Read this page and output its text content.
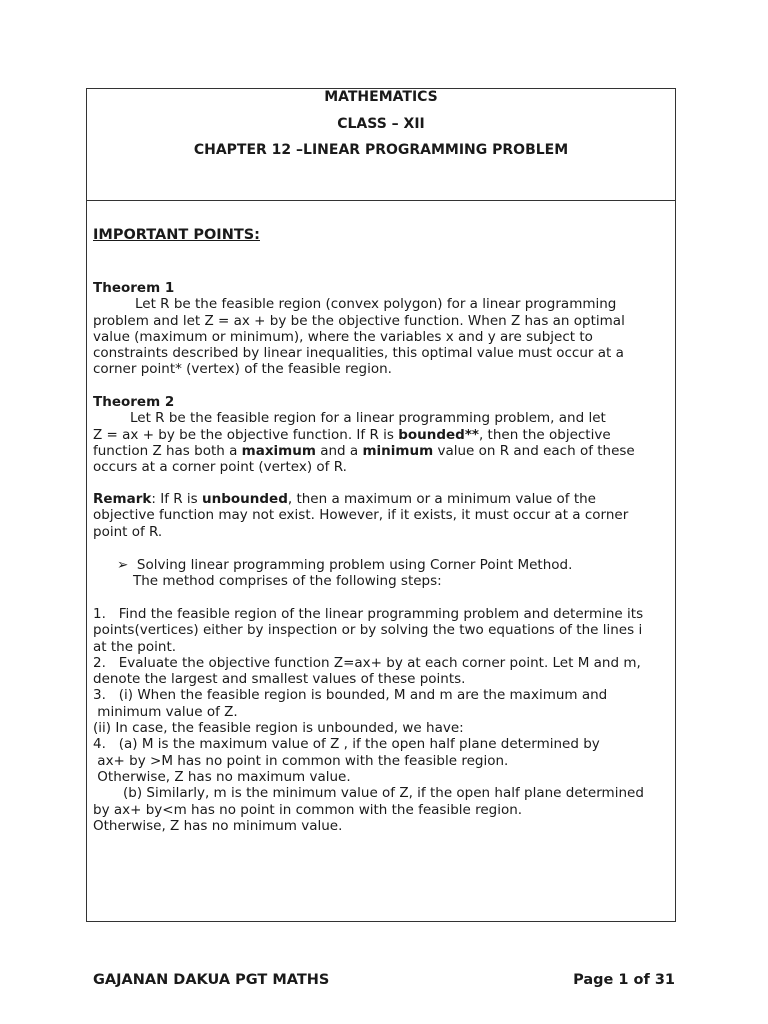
MATHEMATICS
CLASS – XII
CHAPTER 12 –LINEAR PROGRAMMING PROBLEM
IMPORTANT POINTS:
Theorem 1
Let R be the feasible region (convex polygon) for a linear programming
problem and let Z = ax + by be the objective function. When Z has an optimal
value (maximum or minimum), where the variables x and y are subject to
constraints described by linear inequalities, this optimal value must occur at a
corner point* (vertex) of the feasible region.
Theorem 2
Let R be the feasible region for a linear programming problem, and let
Z = ax + by be the objective function. If R is bounded**, then the objective
function Z has both a maximum and a minimum value on R and each of these
occurs at a corner point (vertex) of R.
Remark: If R is unbounded, then a maximum or a minimum value of the
objective function may not exist. However, if it exists, it must occur at a corner
point of R.
➢ Solving linear programming problem using Corner Point Method.
The method comprises of the following steps:
1.   Find the feasible region of the linear programming problem and determine its
points(vertices) either by inspection or by solving the two equations of the lines i
at the point.
2.   Evaluate the objective function Z=ax+ by at each corner point. Let M and m,
denote the largest and smallest values of these points.
3.   (i) When the feasible region is bounded, M and m are the maximum and
minimum value of Z.
(ii) In case, the feasible region is unbounded, we have:
4.   (a) M is the maximum value of Z , if the open half plane determined by
ax+ by >M has no point in common with the feasible region.
Otherwise, Z has no maximum value.
(b) Similarly, m is the minimum value of Z, if the open half plane determined
by ax+ by<m has no point in common with the feasible region.
Otherwise, Z has no minimum value.
GAJANAN DAKUA PGT MATHS	Page 1 of 31
